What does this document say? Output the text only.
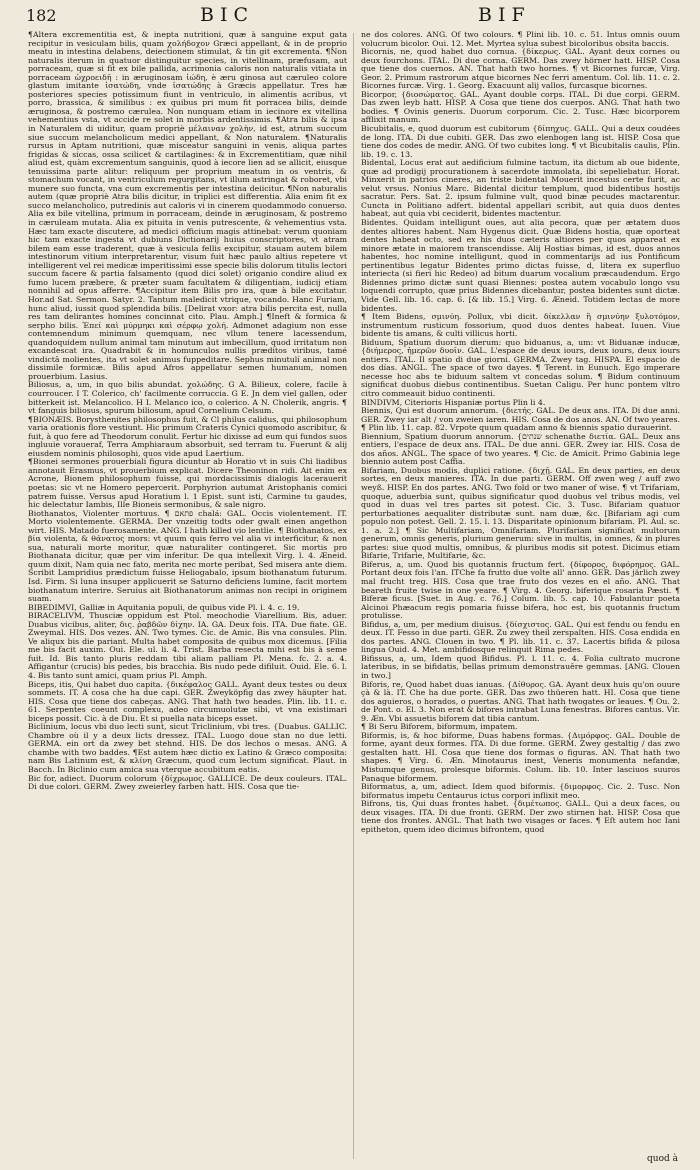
182	BIC	BIF

¶Altera excrementitia est, & inepta nutritioni, quæ à sanguine exput gata recipitur in vesiculam bilis, quam χολήδοχον Græci appellant, & in de proprio meatu in intestina delabens, deiectionem stimulat, & tin git excrementa. ¶Non naturalis iterum in quatuor distinguitur species, in vitellinam, præfusam, aut porraceam, quæ si fit ex bile pallida, acrimonia caloris non naturalis vitiata in porraceam ὠχροειδῆ : in æruginosam ἰώδη, è æru ginosa aut cæruleo colore glastum imitante ἰσατώδη, vnde ἰσατώδης à Græcis appellatur. Tres hæ posteriores species potissimum fiunt in ventriculo, in alimentis acribus, vt porro, brassica, & similibus : ex quibus pri mum fit porracea bilis, deinde æruginosa, & postremo cærulea. Non nunquam etiam in iecinore ex vitellina vehementius vsta, vt accide re solet in morbis ardentissimis. ¶Atra bilis & ipsa in Naturalem di uiditur, quam propriè μέλαιναν χολὴν, id est, atrum succum siue succum melancholicum medici appellant, & Non naturalem. ¶Naturalis rursus in Aptam nutritioni, quæ misceatur sanguini in venis, aliqua partes frigidas & siccas, ossa scilicet & cartilagines: & in Excrementitiam, quæ nihil aliud est, quàm excrementum sanguinis, quod à iecore lien ad se allicit, eiusque tenuissima parte alitur: reliquum per proprium meatum in os ventris, & stomachum vocant, in ventriculum regurgitans, vt illum astringat & roboret, vbi munere suo functa, vna cum excrementis per intestina deiicitur. ¶Non naturalis autem (quæ propriè Atra bilis dicitur, in triplici est differentia. Alia enim fit ex succo melancholico, putredinis aut caloris vi in cinerem quodammodo conuerso. Alia ex bile vitellina, primum in porraceam, deinde in æruginosam, & postremo in cæruleam mutata. Alia ex pituita in venis putrescente, & vehementius vsta. Hæc tam exacte discutere, ad medici officium magis attinebat: verum quoniam hic tam exacte ingesta vt dubiuns Dictionarij huius conscriptores, vt atram bilem eam esse traderent, quæ à vesicula fellis excipitur, stauam autem bilem intestinorum vitium interpretarentur, visum fuit hæc paulo altius repetere vt intelligerent vel rei medicæ imperitissimi esse specie bilis dolorum titulis lectori succum facere & partia falsamento (quod dici solet) origanio condire aliud ex fumo lucem præbere, & præter suam facultatem & diligentiam, iudicij etiam nonnihil ad opus afferre. ¶Accipitur item Bilis pro ira, quæ à bile excitatur. Hor.ad Sat. Sermon. Satyr. 2. Tantum maledicit vtrique, vocando. Hanc Furiam, hunc aliud, iussit quod splendida bilis. [Delirat vxor: atra bilis percita est, nulla res tam delirantes homines concinnat cito. Plau. Amph.] ¶Ineft & formica & serpho bilis. Ἐπεί καὶ μύρμηκι καὶ σέρφῳ χολή. Admonet adagium non esse contemnendum minimum quemquam, nec vllum tenere lacessendum, quandoquidem nullum animal tam minutum aut imbecillum, quod irritatum non excandescat ira. Quadrabit & in homunculos nullis præditos viribus, tamé vindictâ molientes, ita vt solet animus fuppeditare. Sephus minutulí animal non dissimile formicæ. Bilis apud Afros appellatur semen humanum, nomen prouerbium. Lasius.

Biliosus, a, um, in quo bilis abundat. χολώδης. G A. Bilieux, colere, facile à courroucer. I T. Colerico, ch' facilmente corruccia. G E. Jn dem viel gallen, oder bitterkeit ist. Melancolico. H I. Melanco ico, o colerico. A N. Cholerik, angris. ¶ vt fanguis biliosus, spurum biliosum, apud Cornelium Celsum.

¶BIONÆIS. Borysthenites philosophus fuit, & Cl philus calidus, qui philosophum varia orationis flore vestiunt. Hic primum Crateris Cynici quomodo ascribitur, & fuit, à quo fere ad Theodorum conulit. Fertur hic dixisse ad eum qui fundos suos ingluuie voraueraf, Terra Amphiaraum absorbuit, sed terram tu. Fuerunt & alij eiusdem nominis philosophi, quos vide apud Laertium.

¶Bionei sermones prouerbiali figura dicuntur ab Horatio vt in suis Chi liadibus annotauit Erasmus, vt prouerbium explicat. Dicere Theoninon ridi. Ait enim ex Acrone, Bionem philosophum fuisse, qui mordacissimis dialogis lacerauerit poetas: sic vt ne Homero pepercerit. Porphyrion autumat Aristophanis comici patrem fuisse. Versus apud Horatium l. 1 Epist. sunt isti, Carmine tu gaudes, hic delectatur Iambis, Ille Bioneis sermonibus, & sale nigro.

Biothanatos, Violenter mortuus. ¶ פתאם chalá: GAL. Occis violentement. IT. Morto violentemente. GERMA. Der vnzeitig todts oder gwalt einen angethon wirt. HIS. Matado fuerosamente. ANG. I hath killed vio lentlie. ¶ Biothanatos, ex βία violenta, & θάνατος mors: vt quum quis ferro vel alia vi interficitur, & non sua, naturali morte moritur, quæ naturaliter contingeret. Sic mortis pro Biothanata dicitur, quæ per vim inferitur. De qua intellexit Virg. l. 4. Æneid. quum dixit, Nam quia nec fato, merita nec morte peribat, Sed misera ante diem. Scribit Lampridius prædictum fuisse Heliogabalo, ipsum biothanatum futurum. Isd. Firm. Si luna insuper applicuerit se Saturno deficiens lumine, facit mortem biothanatum interire. Seruius ait Biothanatorum animas non recipi in originem suam.

BIBEDIMVI, Galliæ in Aquitania populi, de quibus vide Pl. l. 4. c. 19.

BIRACELIVM, Thusciæ oppidum est Ptol. meochodie Viarellium. Bis, aduer. Duabus vicibus, aliter, δις. ῥαβδῶν δίχην. IA. GA. Deux fois. ITA. Due fiate. GE. Zweymal. HIS. Dos vezes. AN. Two tymes. Cic. de Amic. Bis vna consules. Plin. Ve aliqux bis die pariant. Multa habet composita de quibus mox dicemus. [Filia me bis facit auxim. Oui. Ele. ul. li. 4. Trist. Barba resecta mihi est bis à seme fuit. Id. Bis tanto pluris reddam tibi aliam palliam Pl. Mena. fc. 2. a. 4. Affigantur (crucis) bis pedes, bis bracchia. Bis nudo pede difiluit. Ouid. Ele. 6. l. 4. Bis tanto sunt amici, quam prius Pl. Amph.

Biceps, itis, Qui habet duo capita. {δικέφαλος GALL. Ayant deux testes ou deux sommets. IT. A cosa che ha due capi. GER. Zweyköpfig das zwey häupter hat. HIS. Cosa que tiene dos cabeças. ANG. That hath two heades. Plin. lib. 11. c. 61. Serpentes coeunt complexu, adeo circumuolutæ sibi, vt vna existimari biceps possit. Cic. à de Diu. Et si puella nata biceps esset.

Biclinium, locus vbi duo lecti sunt, sicut Triclinium, vbi tres. {Duabus. GALLIC. Chambre où il y a deux licts dressez. ITAL. Luogo doue stan no due letti. GERMA. ein ort da zwey bet stehnd. HIS. De dos lechos o mesas. ANG. A chambe with two baddes. ¶Est autem hæc dictio ex Latino & Græco composita: nam Bis Latinum est, & κλίνη Græcum, quod cum lectum significat. Plaut. in Bacch. In Biclinio cum amica sua vterque accubitum eatis.

Bic for, adiect. Duorum colorum {δίχρωμος. GALLICE. De deux couleurs. ITAL. Di due colori. GERM. Zwey zweierley farben hatt. HIS. Cosa que tie-

ne dos colores. ANG. Of two colours. ¶ Plini lib. 10. c. 51. Intus omnis ouum volucrum bicolor. Oui. 12. Met. Myrtea sylua subest bicoloribus obsita baccis.

Bicornis, ne, quod habet duo cornua. {δίκερως. GAL. Ayant deux cornes ou deux fourchons. ITAL. Di due corna. GERM. Das zwey hörner hatt. HISP. Cosa que tiene dos cuernos. AN. That hath two hornes. ¶ vt Bicornes furcæ, Virg. Geor. 2. Primum rastrorum atque bicornes Nec ferri amentum. Col. lib. 11. c. 2. Bicornes furcæ. Virg. 1. Georg. Exacuunt alij vallos, furcasque bicornes.

Bicorpor, {διοσώματος. GAL. Ayant double corps. ITAL. Di due corpi. GERM. Das zwen leyb hatt. HISP. A Cosa que tiene dos cuerpos. ANG. That hath two bodies. ¶ Ovinis generis. Duorum corporum. Cic. 2. Tusc. Hæc bicorporem afflixit manum.

Bicubitalis, e, quod duorum est cubitorum {δίπηχυς. GALL. Qui a deux coudées de long. ITA. Di due cubiti. GER. Das zwo elenbogen lang ist. HISP. Cosa que tiene dos codes de medir. ANG. Of two cubites long. ¶ vt Bicubitalis caulis, Plin. lib. 19. c. 13.

Bidental, Locus erat aut aedificium fulmine tactum, ita dictum ab oue bidente, quæ ad prodigij procurationem à sacerdote immolata, ibi sepeliebatur. Horat. Minxerit in patrios cineres, an triste bidental Mouerit incestus certe furit, ac velut vrsus. Nonius Marc. Bidental dicitur templum, quod bidentibus hostijs sacratur. Pers. Sat. 2. ipsum fulmine vult, quod binæ pecudes mactarentur. Cuncta in Politiano adfert. bidental appellari scribit, aut quia duos dentes habeat, aut quia vbi ceciderit, bidentes mactentur.

Bidentes. Quidam intelligunt oues, aut alia pecora, quæ per ætatem duos dentes altiores habent. Nam Hygenus dicit. Quæ Bidens hostia, quæ oporteat dentes habeat octo, sed ex his duos cæteris altiores per quos appareat ex minore ætate in maiorem transcendisse. Alij Hostias bimas, id est, duos annos habentes, hoc nomine intelligunt, quod in commentarijs ad ius Pontificum pertinentibus legatur Bidentes primo dictas fuisse, d, litera ex superfluo interiecta (si fieri hic Redeo) ad bitum duarum vocalium præcaudendum. Ergo Bidennes primo dictæ sunt quasi Biennes: postea autem vocabulo longo vsu loquendi corrupto, quæ prius Bidennes dicebantur, postea bidentes sunt dictæ. Vide Gell. lib. 16. cap. 6. [& lib. 15.] Virg. 6. Æneid. Totidem lectas de more bidentes.

¶ Item Bidens, σμινύη. Pollux, vbi dicit. δίκελλαν ἢ σμινύην ξυλοτόμον, instrumentum rusticum fossorium, quod duos dentes habeat. Iuuen. Viue bidente tis amans, & culti villicus horti.

Biduum, Spatium duorum dierum: quo biduanus, a, um: vt Biduanæ inducæ, {διήμερος, ἡμερῶν δυοῖν. GAL. L'espace de deux iours, deux iours, deux iours entiers. ITAL. Il spatio di due giorni. GERMA. Zwey tag. HISPA. El espacio de dos días. ANGL. The space of two dayes. ¶ Terent. in Eunuch. Ego imperare necesse hoc abs te biduum saltem vt concedas solum. ¶ Bidum continuum significat duobus diebus continentibus. Suetan Caligu. Per hunc pontem vltro citro commeauit biduo continenti.

BINDIVM, Citerioris Hispaniæ portus Plin li 4.

Biennis, Qui est duorum annorum. {διετής. GAL. De deux ans. ITA. Di due anni. GER. Zwey iar alt / von zweien iaren. HIS. Cosa de dos anos. AN. Of two yeares. ¶ Plin lib. 11. cap. 82. Vrpote quum quadam anno & biennis spatio durauerint.

Biennium, Spatium duorum annorum. {שנתים schenathe διετία. GAL. Deux ans entiers, l'espace de deux ans. ITAL. De due anni. GER. Zwey iar. HIS. Cosa de dos años. ANGL. The space of two yeares. ¶ Cic. de Amicit. Primo Gabinia lege biennio autem post Caffia.

Bifariam, Duobus modis, duplici ratione. {διχῇ. GAL. En deux parties, en deux sortes, en deux manieres. ITA. In due parti. GERM. Off zwen weg / auff zwo weyß. HISP. En dos partes. ANG. Two fold or two maner of wise. ¶ vt Trifariam, quoque, aduerbia sunt, quibus significatur quod duobus vel tribus modis, vel quod in duas vel tres partes sit potest. Cic. 3. Tusc. Bifariam quatuor perturbationes aequaliter distributæ sunt. nam duæ, &c. [Bifariam agi cum populo non potest. Gell. 2. 15. l. 13. Disparitate opinionum bifariam. Pl. Aul. sc. 1. a. 2.] ¶ Sic Multifariam, Omnifariam. Plurifariam significat multorum generum, omnis generis, plurium generum: sive in multis, in omnes, & in plures partes: siue quod multis, omnibus, & pluribus modis sit potest. Dicimus etiam Bifarie, Trifarie, Multifarie, &c.

Biferus, a, um. Quod bis quotannis fructum fert. {δίφορος, διφόρημος. GAL. Portant deux fois l'an. ITChe fa frutto due volte all' anno. GER. Das järlich zwey mal frucht treg. HIS. Cosa que trae fruto dos vezes en el año. ANG. That beareth fruite twise in one yeare. ¶ Virg. 4. Georg. biferique rosaria Pæsti. ¶ Biferæ ficus. [Suet. in Aug. c. 76.] Colum. lib. 5. cap. 10. Fabulantur poeta Alcinoi Phæacum regis pomaria fuisse bifera, hoc est, bis quotannis fructum protulisse.

Bifidus, a, um, per medium diuisus. {δίσχιστος. GAL. Qui est fendu ou fendu en deux. IT. Fesso in due parti. GER. Zu zwey theil zerspalten. HIS. Cosa endida en dos partes. ANG. Clouen in two. ¶ Pl. lib. 11. c. 37. Lacertis bifida & pilosa lingua Ouid. 4. Met. ambifidosque relinquit Rima pedes.

Bifissus, a, um, Idem quod Bifidus. Pl. l. 11. c. 4. Folia cultrato mucrone lateribus, in se bifidatis, bellas primum demonstrauêre gemmas. [ANG. Clouen in two.]

Biforis, re, Quod habet duas ianuas. {Δίθυρος. GA. Ayant deux huis qu'on ouure çà & là. IT. Che ha due porte. GER. Das zwo thüeren hatt. HI. Cosa que tiene dos aguieros, o horados, o puertas. ANG. That hath twogates or leaues. ¶ Ou. 2. de Pont. o. El. 3. Non erat & bifores intrabat Luna fenestras. Bifores cantus. Vir. 9. Æn. Vbi assuetis biforem dat tibia cantum.

¶ Bi Seru Biforem, biformum, impatem.

Biformis, is, & hoc biforme, Duas habens formas. {Διμόρφος. GAL. Double de forme, ayant deux formes. ITA. Di due forme. GERM. Zwey gestaltig / das zwo gestalten hatt. HI. Cosa que tiene dos formas o figuras. AN. That hath two shapes. ¶ Virg. 6. Æn. Minotaurus inest, Veneris monumenta nefandæ, Mistumque genus, prolesque biformis. Colum. lib. 10. Inter lasciuos suuros Panaque biformem.

Biformatus, a, um, adiect. Idem quod biformis. {διμορφος. Cic. 2. Tusc. Non biformatus impetu Centaurus ictus corpori inflixit meo.

Bifrons, tis, Qui duas frontes habet. {διμέτωπος. GALL. Qui a deux faces, ou deux visages. ITA. Di due fronti. GERM. Der zwo stirnen hat. HISP. Cosa que tiene dos frontes. ANGL. That hath two visages or faces. ¶ Eſt autem hoc Iani epitheton, quem ideo dicimus bifrontem, quod

quod à
